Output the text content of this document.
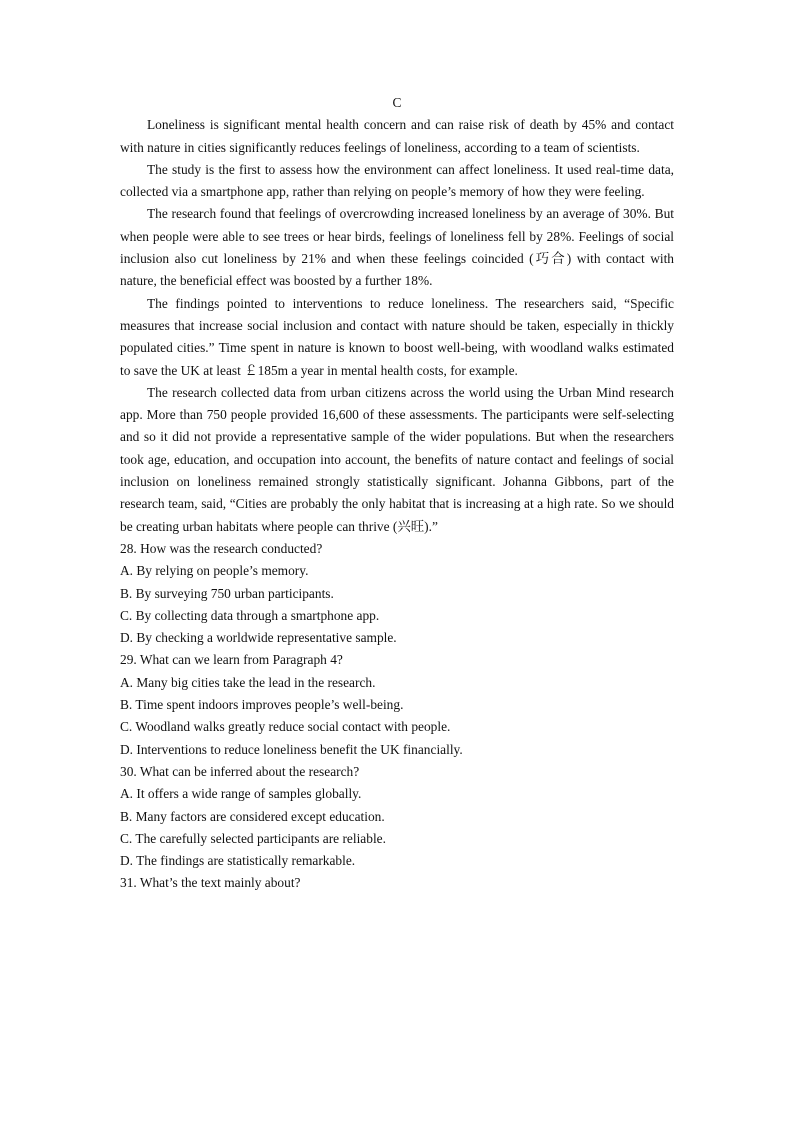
C

Loneliness is significant mental health concern and can raise risk of death by 45% and contact with nature in cities significantly reduces feelings of loneliness, according to a team of scientists.

The study is the first to assess how the environment can affect loneliness. It used real-time data, collected via a smartphone app, rather than relying on people’s memory of how they were feeling.

The research found that feelings of overcrowding increased loneliness by an average of 30%. But when people were able to see trees or hear birds, feelings of loneliness fell by 28%. Feelings of social inclusion also cut loneliness by 21% and when these feelings coincided (巧合) with contact with nature, the beneficial effect was boosted by a further 18%.

The findings pointed to interventions to reduce loneliness. The researchers said, “Specific measures that increase social inclusion and contact with nature should be taken, especially in thickly populated cities.” Time spent in nature is known to boost well-being, with woodland walks estimated to save the UK at least ￡185m a year in mental health costs, for example.

The research collected data from urban citizens across the world using the Urban Mind research app. More than 750 people provided 16,600 of these assessments. The participants were self-selecting and so it did not provide a representative sample of the wider populations. But when the researchers took age, education, and occupation into account, the benefits of nature contact and feelings of social inclusion on loneliness remained strongly statistically significant. Johanna Gibbons, part of the research team, said, “Cities are probably the only habitat that is increasing at a high rate. So we should be creating urban habitats where people can thrive (兴旺).”

28. How was the research conducted?

A. By relying on people’s memory.

B. By surveying 750 urban participants.

C. By collecting data through a smartphone app.

D. By checking a worldwide representative sample.

29. What can we learn from Paragraph 4?

A. Many big cities take the lead in the research.

B. Time spent indoors improves people’s well-being.

C. Woodland walks greatly reduce social contact with people.

D. Interventions to reduce loneliness benefit the UK financially.

30. What can be inferred about the research?

A. It offers a wide range of samples globally.

B. Many factors are considered except education.

C. The carefully selected participants are reliable.

D. The findings are statistically remarkable.

31. What’s the text mainly about?
